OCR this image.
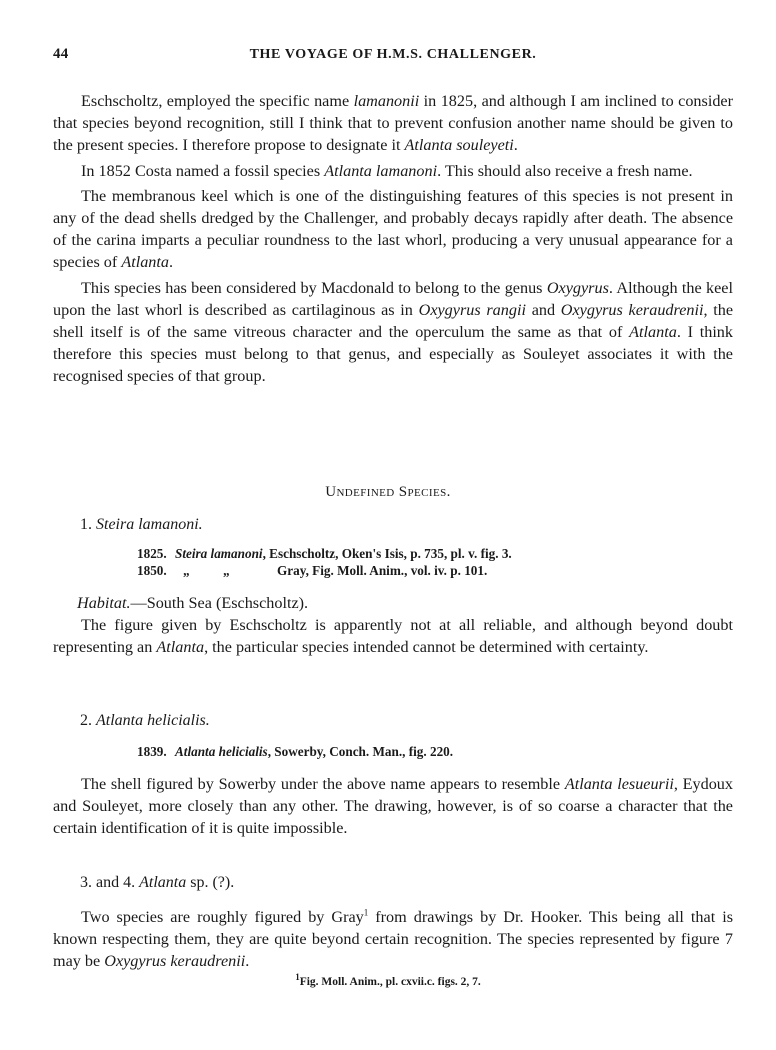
44	THE VOYAGE OF H.M.S. CHALLENGER.

Eschscholtz, employed the specific name lamanonii in 1825, and although I am inclined to consider that species beyond recognition, still I think that to prevent confusion another name should be given to the present species. I therefore propose to designate it Atlanta souleyeti.

In 1852 Costa named a fossil species Atlanta lamanoni. This should also receive a fresh name.

The membranous keel which is one of the distinguishing features of this species is not present in any of the dead shells dredged by the Challenger, and probably decays rapidly after death. The absence of the carina imparts a peculiar roundness to the last whorl, producing a very unusual appearance for a species of Atlanta.

This species has been considered by Macdonald to belong to the genus Oxygyrus. Although the keel upon the last whorl is described as cartilaginous as in Oxygyrus rangii and Oxygyrus keraudrenii, the shell itself is of the same vitreous character and the operculum the same as that of Atlanta. I think therefore this species must belong to that genus, and especially as Souleyet associates it with the recognised species of that group.

Undefined Species.
1. Steira lamanoni.
1825. Steira lamanoni, Eschscholtz, Oken's Isis, p. 735, pl. v. fig. 3.
1850. „	„	Gray, Fig. Moll. Anim., vol. iv. p. 101.

Habitat.—South Sea (Eschscholtz).

The figure given by Eschscholtz is apparently not at all reliable, and although beyond doubt representing an Atlanta, the particular species intended cannot be determined with certainty.

2. Atlanta helicialis.
1839. Atlanta helicialis, Sowerby, Conch. Man., fig. 220.

The shell figured by Sowerby under the above name appears to resemble Atlanta lesueurii, Eydoux and Souleyet, more closely than any other. The drawing, however, is of so coarse a character that the certain identification of it is quite impossible.

3. and 4. Atlanta sp. (?).

Two species are roughly figured by Gray$^1$ from drawings by Dr. Hooker. This being all that is known respecting them, they are quite beyond certain recognition. The species represented by figure 7 may be Oxygyrus keraudrenii.

$^1$Fig. Moll. Anim., pl. cxvii.c. figs. 2, 7.
